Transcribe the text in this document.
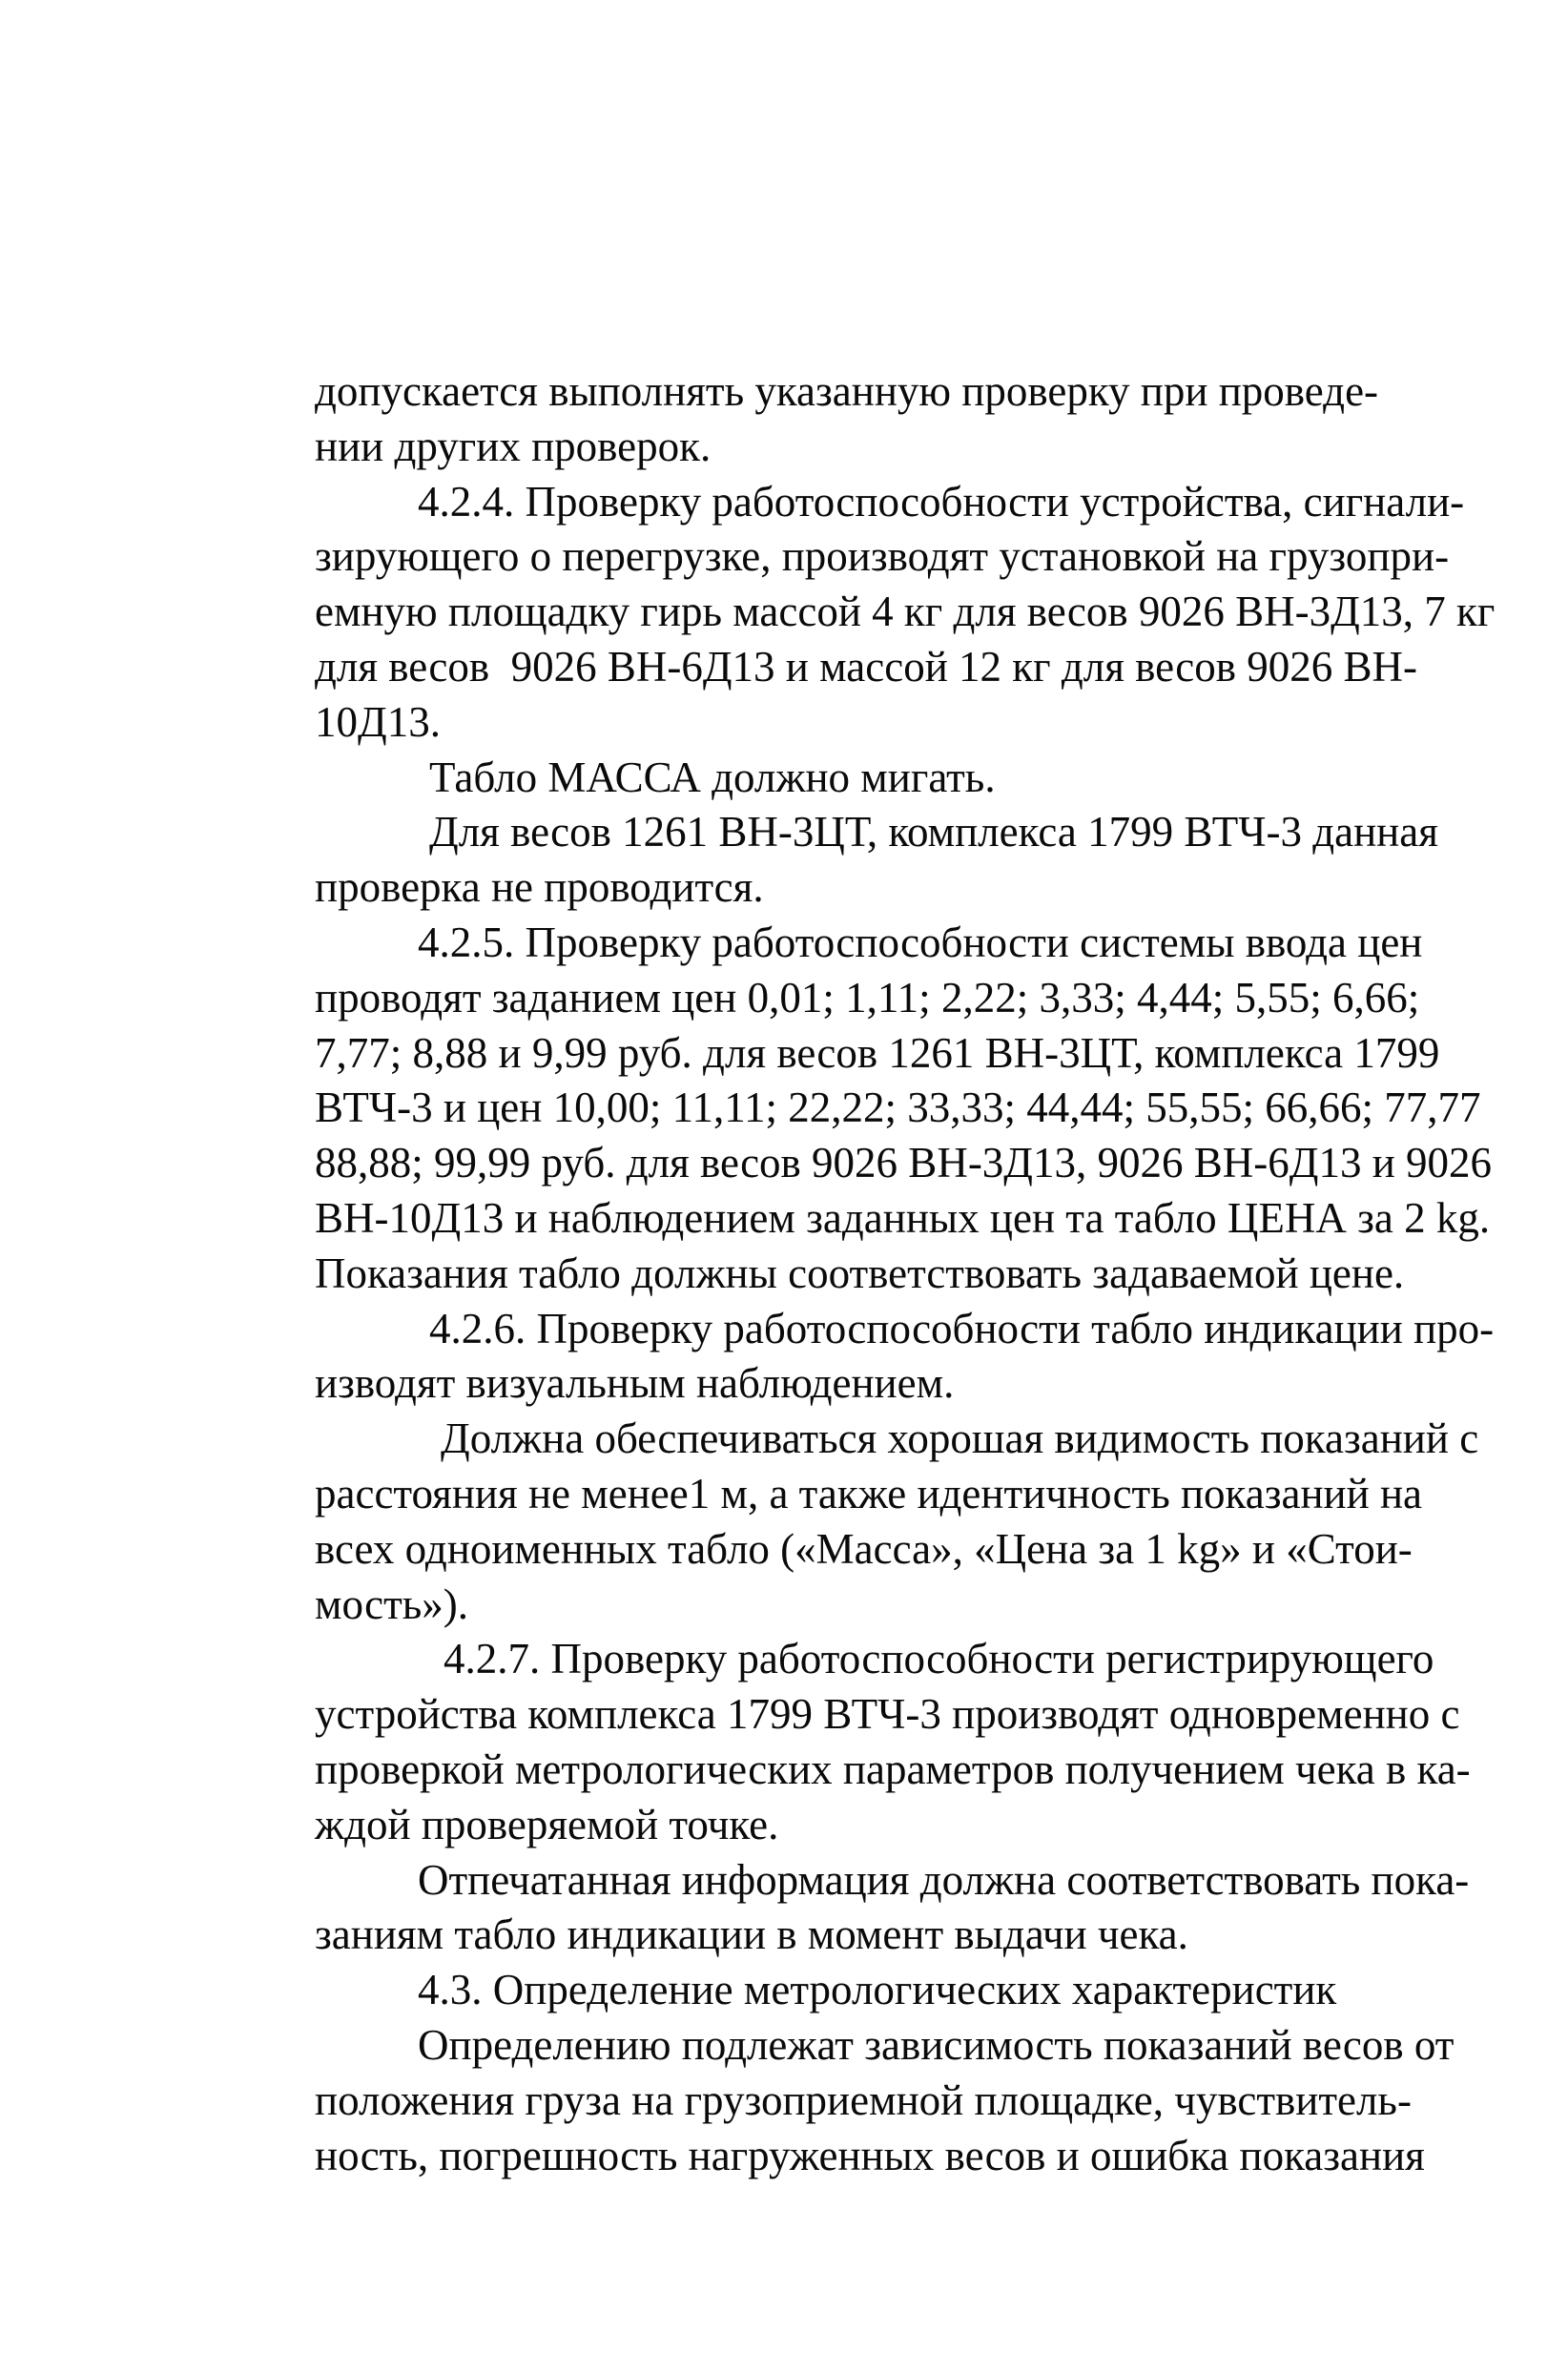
допускается выполнять указанную проверку при проведе-
нии других проверок.
4.2.4. Проверку работоспособности устройства, сигнали-
зирующего о перегрузке, производят установкой на грузопри-
емную площадку гирь массой 4 кг для весов 9026 ВН-3Д13, 7 кг
для весов  9026 ВН-6Д13 и массой 12 кг для весов 9026 ВН-
10Д13.
Табло МАССА должно мигать.
Для весов 1261 ВН-3ЦТ, комплекса 1799 ВТЧ-3 данная
проверка не проводится.
4.2.5. Проверку работоспособности системы ввода цен
проводят заданием цен 0,01; 1,11; 2,22; 3,33; 4,44; 5,55; 6,66;
7,77; 8,88 и 9,99 руб. для весов 1261 ВН-3ЦТ, комплекса 1799
ВТЧ-3 и цен 10,00; 11,11; 22,22; 33,33; 44,44; 55,55; 66,66; 77,77
88,88; 99,99 руб. для весов 9026 ВН-3Д13, 9026 ВН-6Д13 и 9026
ВН-10Д13 и наблюдением заданных цен та табло ЦЕНА за 2 kg.
Показания табло должны соответствовать задаваемой цене.
4.2.6. Проверку работоспособности табло индикации про-
изводят визуальным наблюдением.
Должна обеспечиваться хорошая видимость показаний с
расстояния не менее1 м, а также идентичность показаний на
всех одноименных табло («Масса», «Цена за 1 kg» и «Стои-
мость»).
4.2.7. Проверку работоспособности регистрирующего
устройства комплекса 1799 ВТЧ-3 производят одновременно с
проверкой метрологических параметров получением чека в ка-
ждой проверяемой точке.
Отпечатанная информация должна соответствовать пока-
заниям табло индикации в момент выдачи чека.
4.3. Определение метрологических характеристик
Определению подлежат зависимость показаний весов от
положения груза на грузоприемной площадке, чувствитель-
ность, погрешность нагруженных весов и ошибка показания
